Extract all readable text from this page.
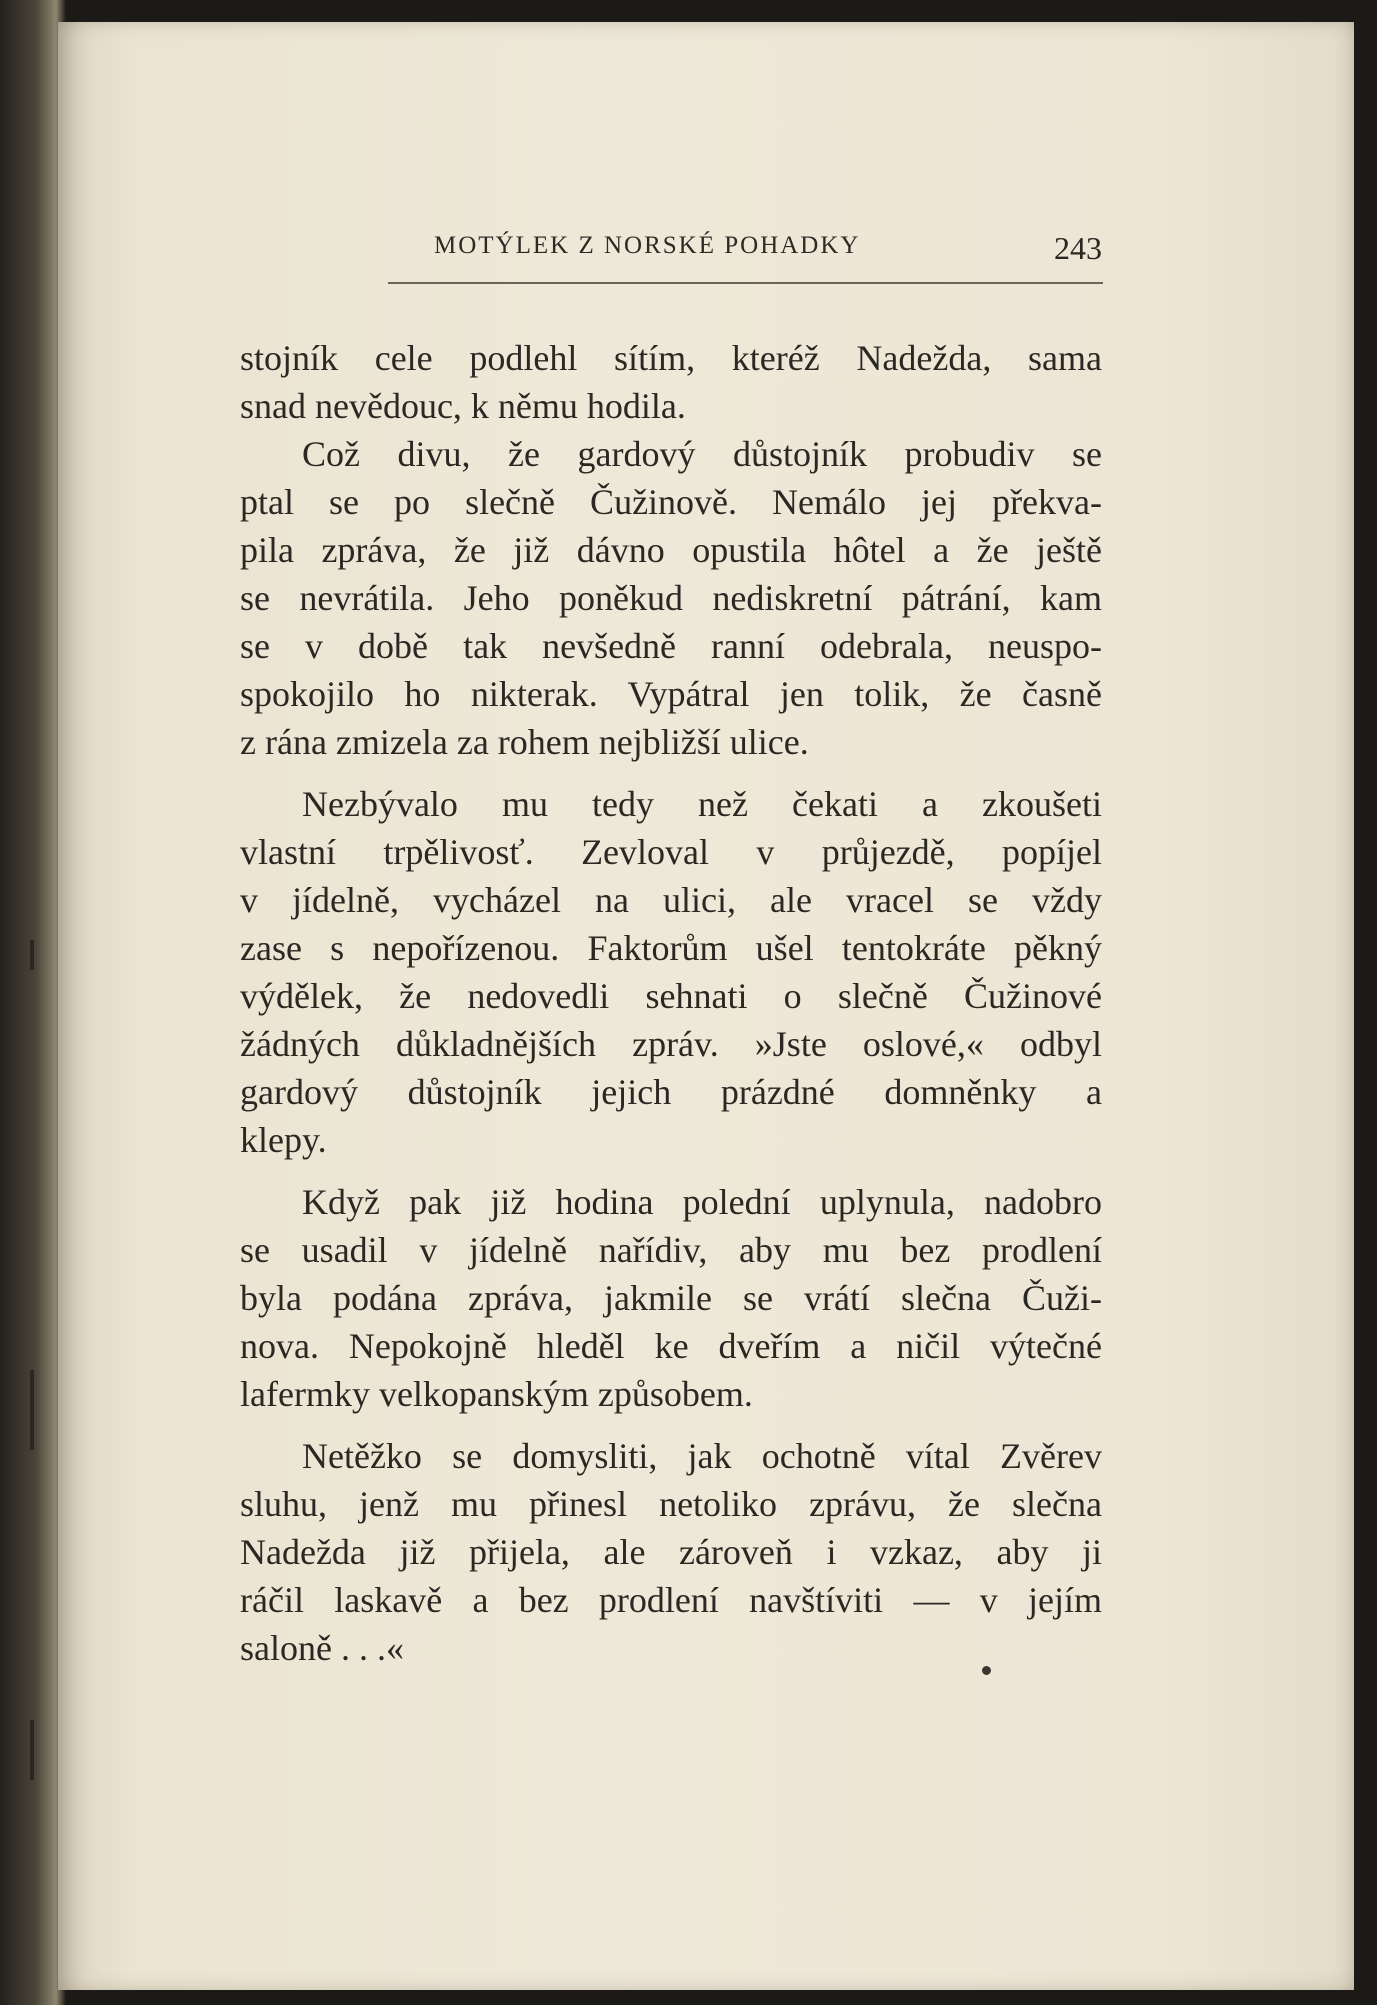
MOTÝLEK Z NORSKÉ POHADKY	243
stojník cele podlehl sítím, kteréž Nadežda, sama
snad nevědouc, k němu hodila.
Což divu, že gardový důstojník probudiv se
ptal se po slečně Čužinově. Nemálo jej překva-
pila zpráva, že již dávno opustila hôtel a že ještě
se nevrátila. Jeho poněkud nediskretní pátrání, kam
se v době tak nevšedně ranní odebrala, neuspo-
spokojilo ho nikterak. Vypátral jen tolik, že časně
z rána zmizela za rohem nejbližší ulice.
Nezbývalo mu tedy než čekati a zkoušeti
vlastní trpělivosť. Zevloval v průjezdě, popíjel
v jídelně, vycházel na ulici, ale vracel se vždy
zase s nepořízenou. Faktorům ušel tentokráte pěkný
výdělek, že nedovedli sehnati o slečně Čužinové
žádných důkladnějších zpráv. »Jste oslové,« odbyl
gardový důstojník jejich prázdné domněnky a
klepy.
Když pak již hodina polední uplynula, nadobro
se usadil v jídelně nařídiv, aby mu bez prodlení
byla podána zpráva, jakmile se vrátí slečna Čuži-
nova. Nepokojně hleděl ke dveřím a ničil výtečné
lafermky velkopanským způsobem.
Netěžko se domysliti, jak ochotně vítal Zvěrev
sluhu, jenž mu přinesl netoliko zprávu, že slečna
Nadežda již přijela, ale zároveň i vzkaz, aby ji
ráčil laskavě a bez prodlení navštíviti — v jejím
saloně . . .«
